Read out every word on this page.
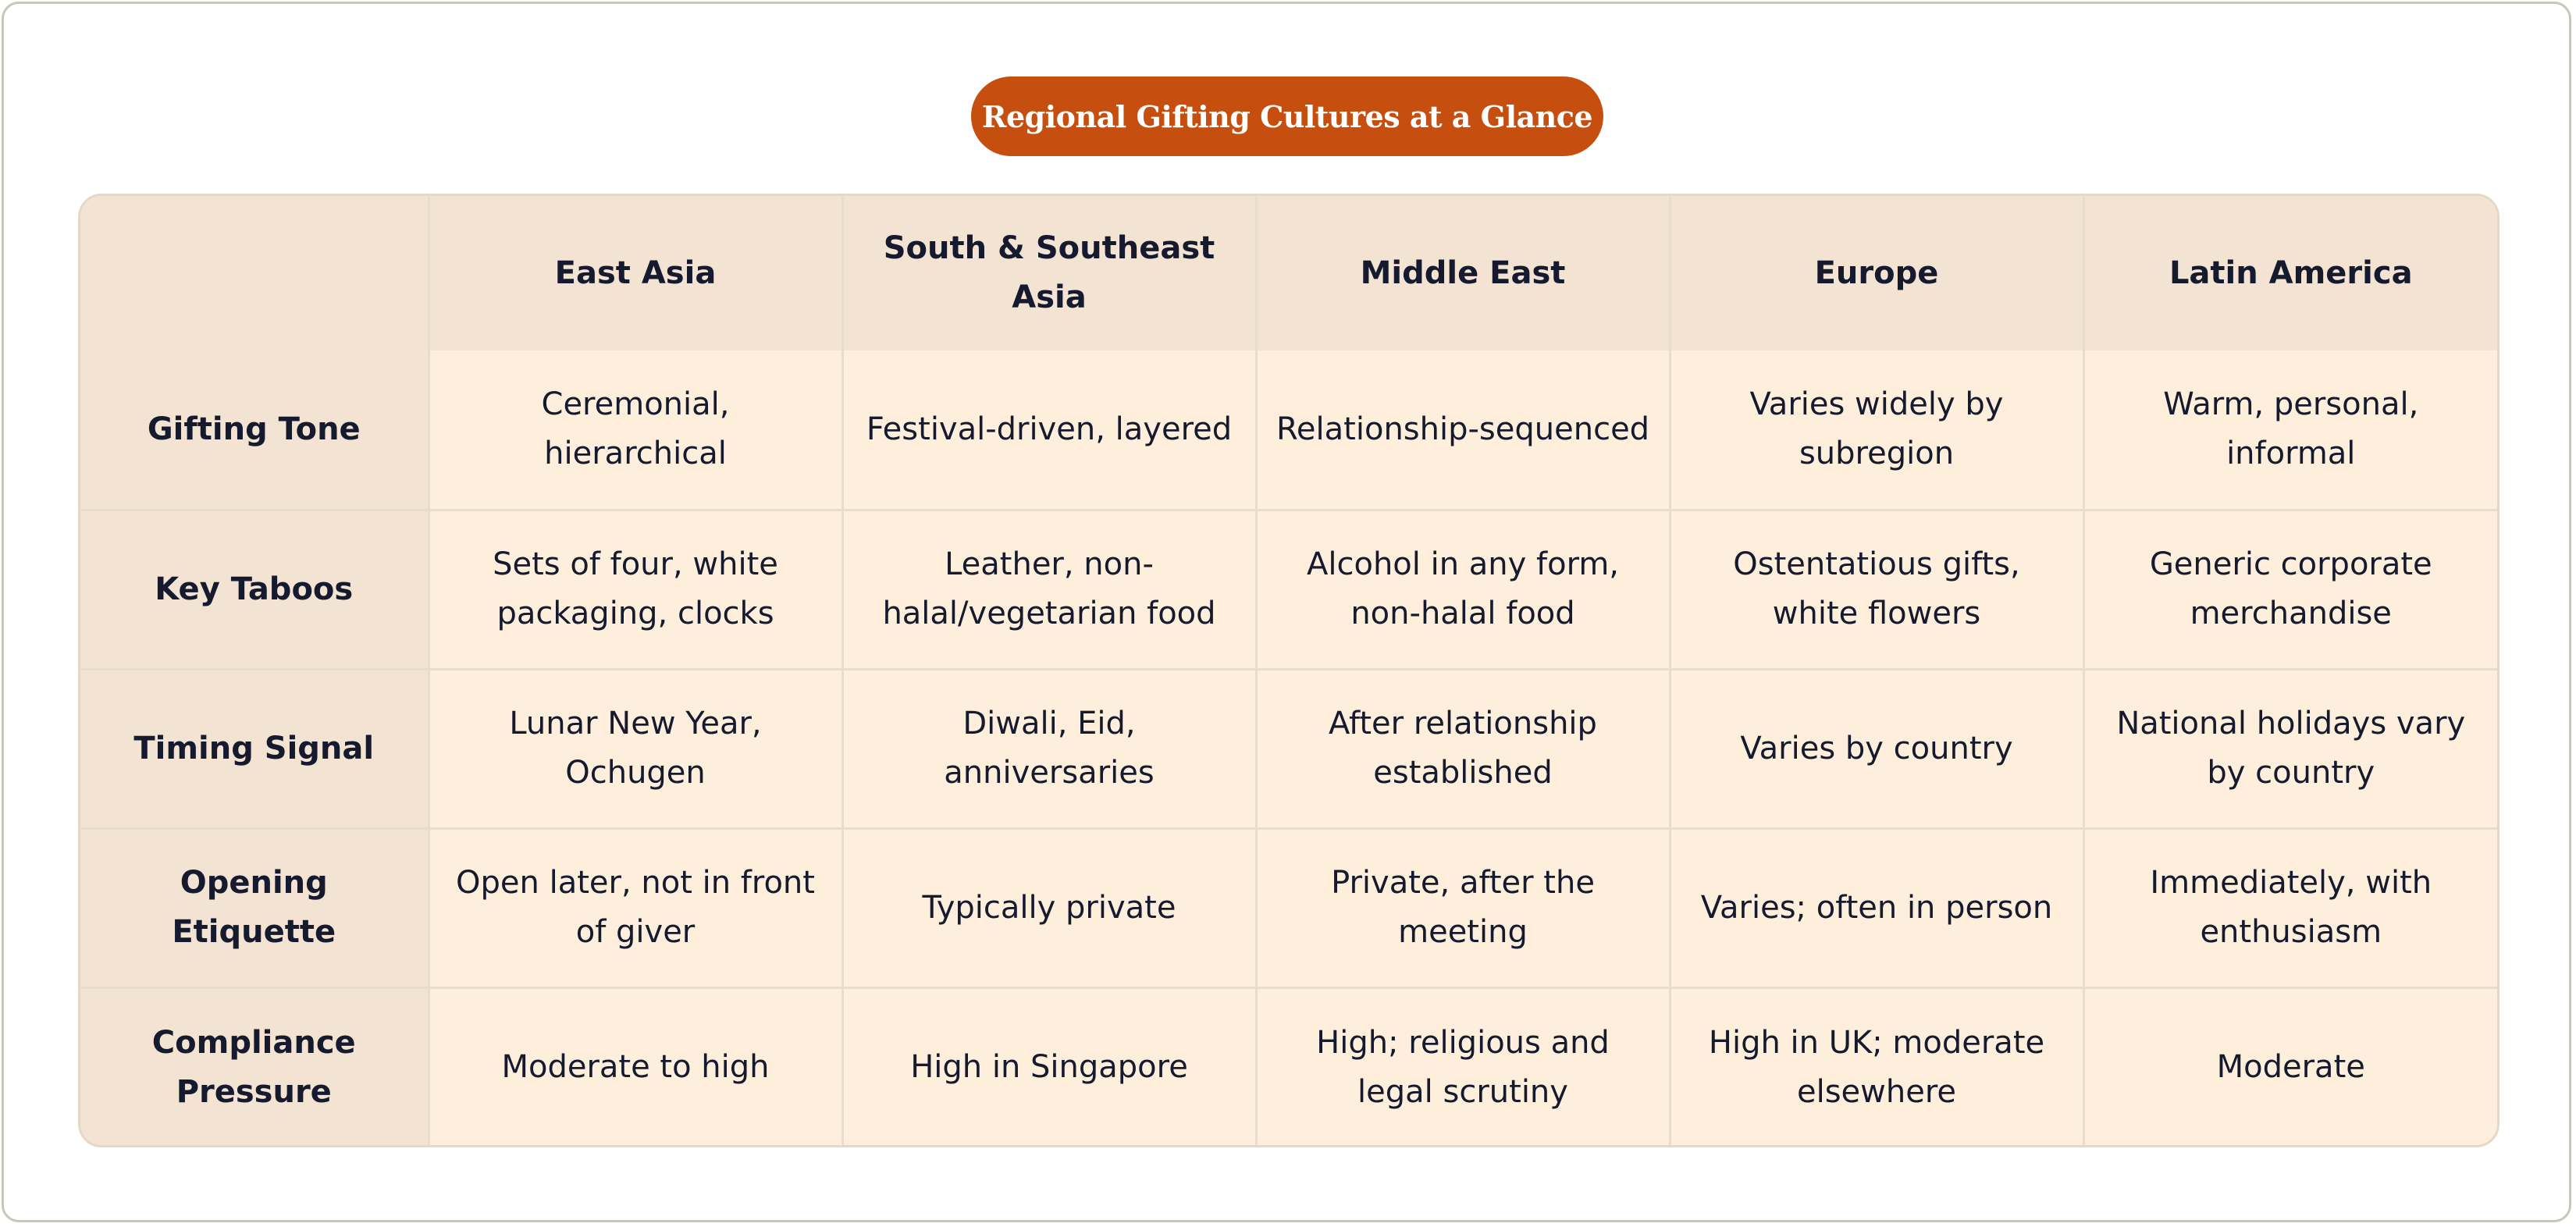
Regional Gifting Cultures at a Glance
	East Asia	South & Southeast Asia	Middle East	Europe	Latin America
Gifting Tone	Ceremonial, hierarchical	Festival-driven, layered	Relationship-sequenced	Varies widely by subregion	Warm, personal, informal
Key Taboos	Sets of four, white packaging, clocks	Leather, non-halal/vegetarian food	Alcohol in any form, non-halal food	Ostentatious gifts, white flowers	Generic corporate merchandise
Timing Signal	Lunar New Year, Ochugen	Diwali, Eid, anniversaries	After relationship established	Varies by country	National holidays vary by country
Opening Etiquette	Open later, not in front of giver	Typically private	Private, after the meeting	Varies; often in person	Immediately, with enthusiasm
Compliance Pressure	Moderate to high	High in Singapore	High; religious and legal scrutiny	High in UK; moderate elsewhere	Moderate
